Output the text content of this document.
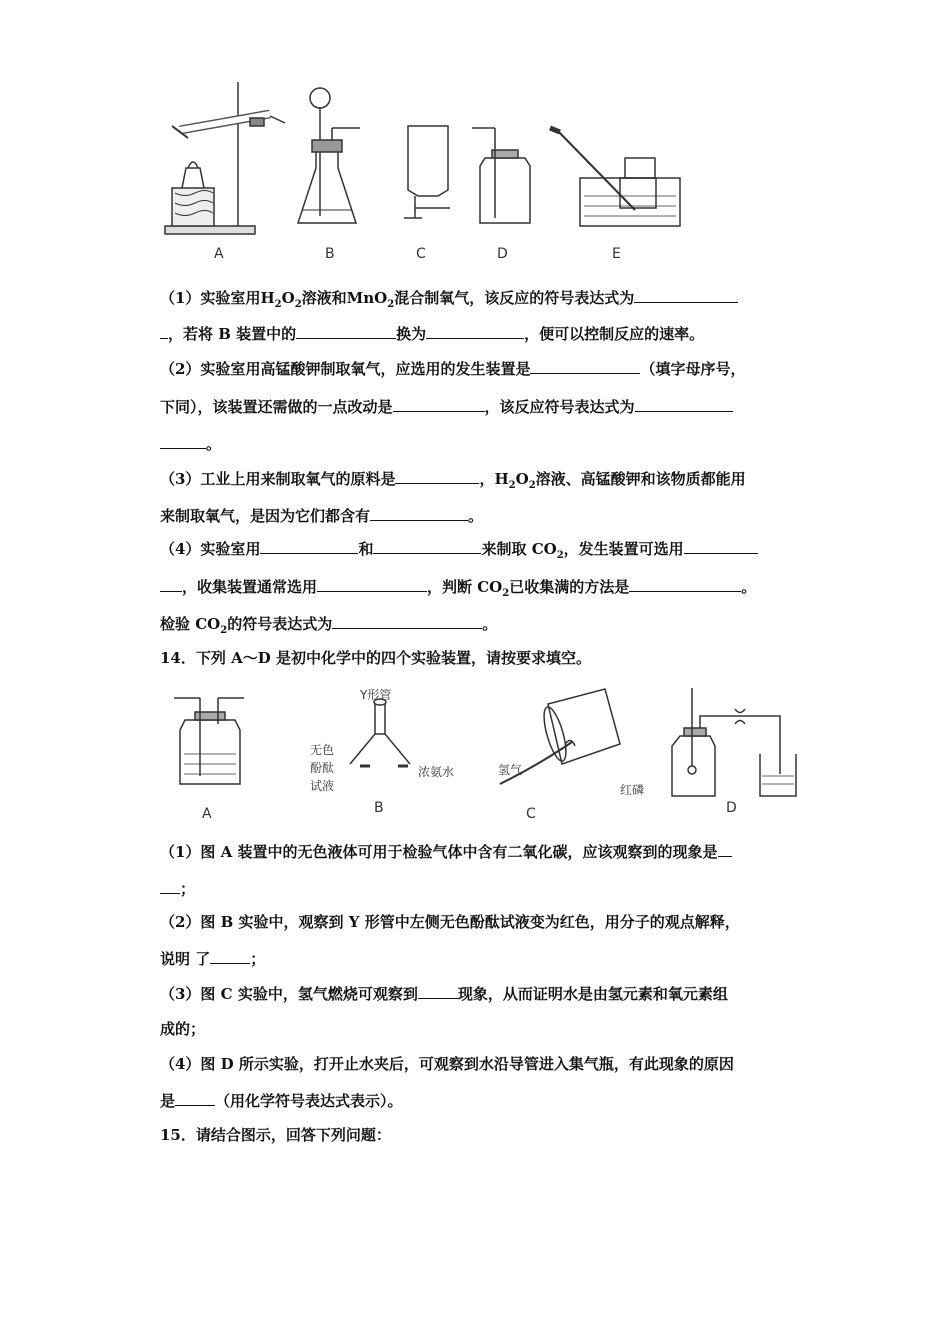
A	B	C	D	E
（1）实验室用$H_2O_2$溶液和MnO$_2$混合制氧气，该反应的符号表达式为
，若将 B 装置中的	换为	，便可以控制反应的速率。
（2）实验室用高锰酸钾制取氧气，应选用的发生装置是	（填字母序号，
下同），该装置还需做的一点改动是	，该反应符号表达式为
。
（3）工业上用来制取氧气的原料是	，$H_2O_2$溶液、高锰酸钾和该物质都能用
来制取氧气，是因为它们都含有	。
（4）实验室用	和	来制取 $CO_2$，发生装置可选用
，收集装置通常选用	，判断 $CO_2$已收集满的方法是	。
检验 $CO_2$的符号表达式为	。
14．下列 A～D 是初中化学中的四个实验装置，请按要求填空。
Y形管
无色
酚酞
试液
浓氨水	氢气
红磷
A	B	C	D
（1）图 A 装置中的无色液体可用于检验气体中含有二氧化碳，应该观察到的现象是
；
（2）图 B 实验中，观察到 Y 形管中左侧无色酚酞试液变为红色，用分子的观点解释，
说明 了	；
（3）图 C 实验中，氢气燃烧可观察到	现象，从而证明水是由氢元素和氧元素组
成的；
（4）图 D 所示实验，打开止水夹后，可观察到水沿导管进入集气瓶，有此现象的原因
是	（用化学符号表达式表示）。
15．请结合图示，回答下列问题：
